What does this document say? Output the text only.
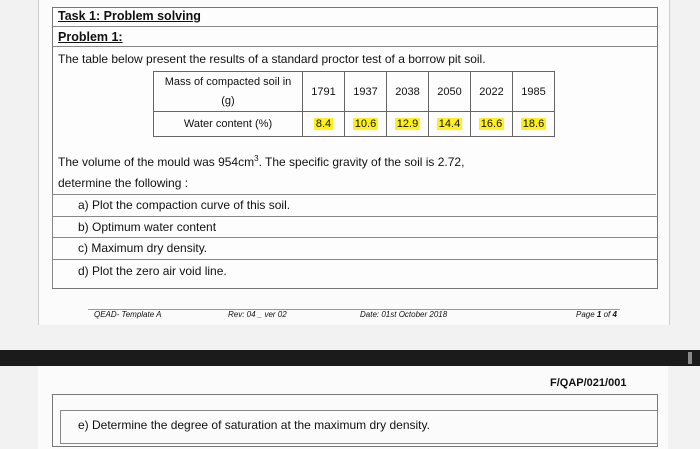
Task 1: Problem solving
Problem 1:
The table below present the results of a standard proctor test of a borrow pit soil.
Mass of compacted soil in
(g)	1791	1937	2038	2050	2022	1985
Water content (%)	8.4	10.6	12.9	14.4	16.6	18.6
The volume of the mould was $954cm^3$. The specific gravity of the soil is 2.72,
determine the following :
a) Plot the compaction curve of this soil.
b) Optimum water content
c) Maximum dry density.
d) Plot the zero air void line.
QEAD- Template A	Rev: 04 _ ver 02	Date: 01st October 2018	Page 1 of 4
F/QAP/021/001
e) Determine the degree of saturation at the maximum dry density.
